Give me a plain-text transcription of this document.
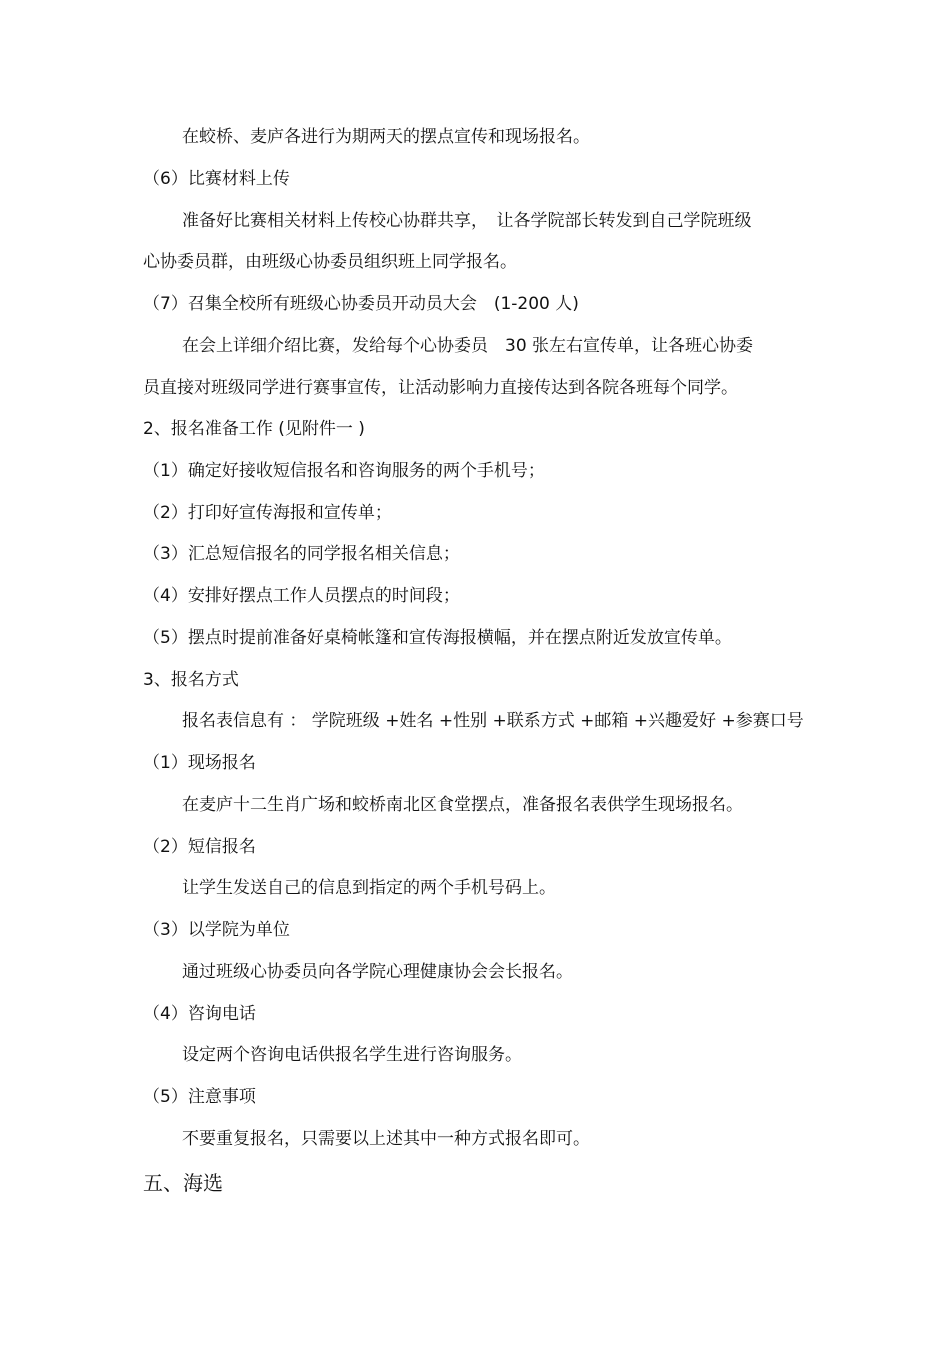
在蛟桥、麦庐各进行为期两天的摆点宣传和现场报名。
（6）比赛材料上传
准备好比赛相关材料上传校心协群共享，　让各学院部长转发到自己学院班级
心协委员群，由班级心协委员组织班上同学报名。
（7）召集全校所有班级心协委员开动员大会　(1-200 人)
在会上详细介绍比赛，发给每个心协委员　30 张左右宣传单，让各班心协委
员直接对班级同学进行赛事宣传，让活动影响力直接传达到各院各班每个同学。
2、报名准备工作 (见附件一 )
（1）确定好接收短信报名和咨询服务的两个手机号；
（2）打印好宣传海报和宣传单；
（3）汇总短信报名的同学报名相关信息；
（4）安排好摆点工作人员摆点的时间段；
（5）摆点时提前准备好桌椅帐篷和宣传海报横幅，并在摆点附近发放宣传单。
3、报名方式
报名表信息有 ： 学院班级 +姓名 +性别 +联系方式 +邮箱 +兴趣爱好 +参赛口号
（1）现场报名
在麦庐十二生肖广场和蛟桥南北区食堂摆点，准备报名表供学生现场报名。
（2）短信报名
让学生发送自己的信息到指定的两个手机号码上。
（3）以学院为单位
通过班级心协委员向各学院心理健康协会会长报名。
（4）咨询电话
设定两个咨询电话供报名学生进行咨询服务。
（5）注意事项
不要重复报名，只需要以上述其中一种方式报名即可。
五、海选
